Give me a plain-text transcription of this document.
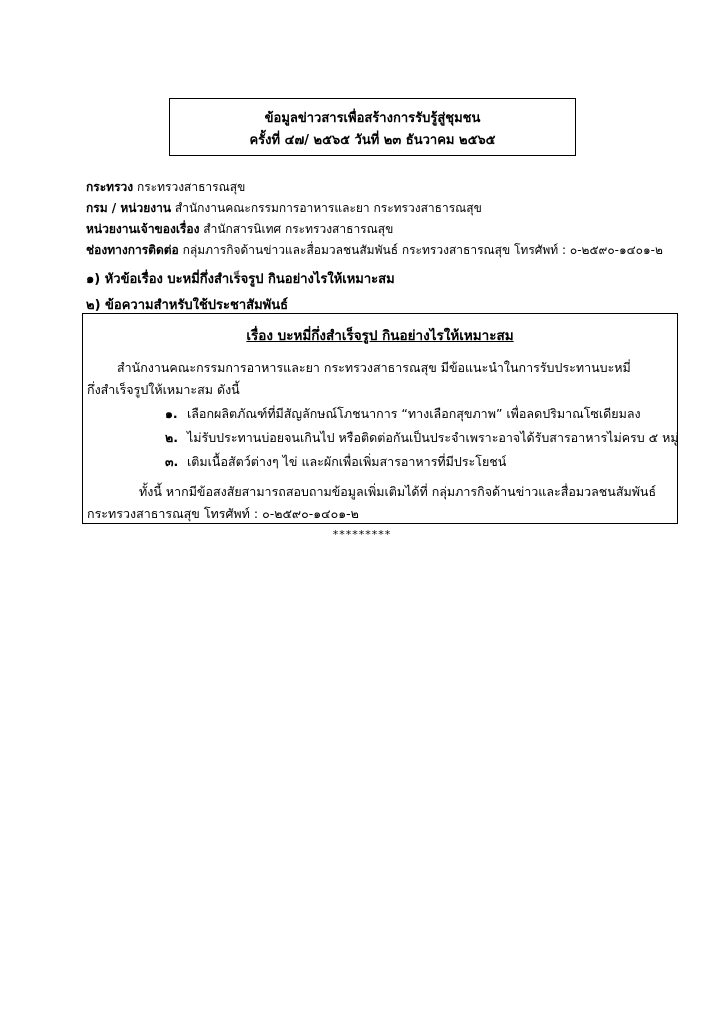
ข้อมูลข่าวสารเพื่อสร้างการรับรู้สู่ชุมชน
ครั้งที่ ๔๗/ ๒๕๖๕ วันที่ ๒๓ ธันวาคม ๒๕๖๕
กระทรวง กระทรวงสาธารณสุข
กรม / หน่วยงาน สำนักงานคณะกรรมการอาหารและยา กระทรวงสาธารณสุข
หน่วยงานเจ้าของเรื่อง สำนักสารนิเทศ กระทรวงสาธารณสุข
ช่องทางการติดต่อ กลุ่มภารกิจด้านข่าวและสื่อมวลชนสัมพันธ์ กระทรวงสาธารณสุข โทรศัพท์ : ๐-๒๕๙๐-๑๔๐๑-๒
๑) หัวข้อเรื่อง บะหมี่กึ่งสำเร็จรูป กินอย่างไรให้เหมาะสม
๒) ข้อความสำหรับใช้ประชาสัมพันธ์
เรื่อง บะหมี่กึ่งสำเร็จรูป กินอย่างไรให้เหมาะสม
สำนักงานคณะกรรมการอาหารและยา กระทรวงสาธารณสุข มีข้อแนะนำในการรับประทานบะหมี่
กึ่งสำเร็จรูปให้เหมาะสม ดังนี้
๑. เลือกผลิตภัณฑ์ที่มีสัญลักษณ์โภชนาการ “ทางเลือกสุขภาพ” เพื่อลดปริมาณโซเดียมลง
๒. ไม่รับประทานบ่อยจนเกินไป หรือติดต่อกันเป็นประจำเพราะอาจได้รับสารอาหารไม่ครบ ๕ หมู่
๓. เติมเนื้อสัตว์ต่างๆ ไข่ และผักเพื่อเพิ่มสารอาหารที่มีประโยชน์
ทั้งนี้ หากมีข้อสงสัยสามารถสอบถามข้อมูลเพิ่มเติมได้ที่ กลุ่มภารกิจด้านข่าวและสื่อมวลชนสัมพันธ์
กระทรวงสาธารณสุข โทรศัพท์ : ๐-๒๕๙๐-๑๔๐๑-๒
*********
